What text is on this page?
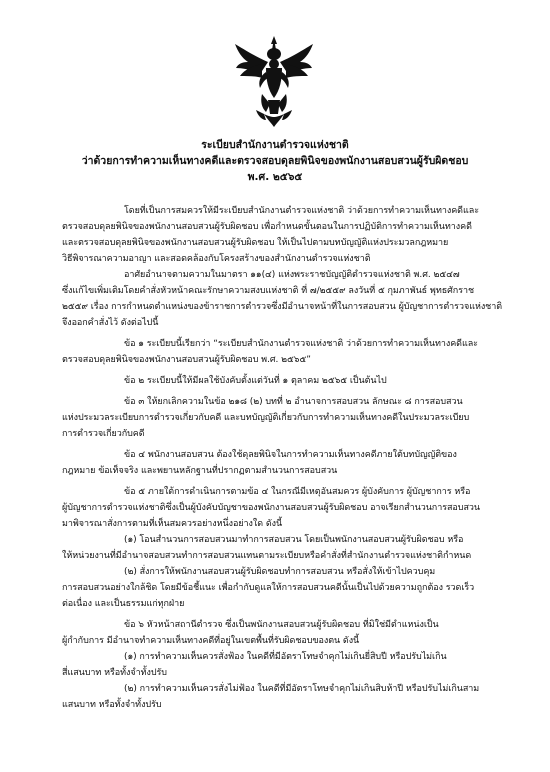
ระเบียบสำนักงานตำรวจแห่งชาติ
ว่าด้วยการทำความเห็นทางคดีและตรวจสอบดุลยพินิจของพนักงานสอบสวนผู้รับผิดชอบ
พ.ศ. ๒๕๖๕
โดยที่เป็นการสมควรให้มีระเบียบสำนักงานตำรวจแห่งชาติ ว่าด้วยการทำความเห็นทางคดีและ
ตรวจสอบดุลยพินิจของพนักงานสอบสวนผู้รับผิดชอบ เพื่อกำหนดขั้นตอนในการปฏิบัติการทำความเห็นทางคดี
และตรวจสอบดุลยพินิจของพนักงานสอบสวนผู้รับผิดชอบ ให้เป็นไปตามบทบัญญัติแห่งประมวลกฎหมาย
วิธีพิจารณาความอาญา และสอดคล้องกับโครงสร้างของสำนักงานตำรวจแห่งชาติ
อาศัยอำนาจตามความในมาตรา ๑๑(๔) แห่งพระราชบัญญัติตำรวจแห่งชาติ พ.ศ. ๒๕๔๗
ซึ่งแก้ไขเพิ่มเติมโดยคำสั่งหัวหน้าคณะรักษาความสงบแห่งชาติ ที่ ๗/๒๕๕๙ ลงวันที่ ๕ กุมภาพันธ์ พุทธศักราช
๒๕๕๙ เรื่อง การกำหนดตำแหน่งของข้าราชการตำรวจซึ่งมีอำนาจหน้าที่ในการสอบสวน ผู้บัญชาการตำรวจแห่งชาติ
จึงออกคำสั่งไว้ ดังต่อไปนี้
ข้อ ๑ ระเบียบนี้เรียกว่า “ระเบียบสำนักงานตำรวจแห่งชาติ ว่าด้วยการทำความเห็นทางคดีและ
ตรวจสอบดุลยพินิจของพนักงานสอบสวนผู้รับผิดชอบ พ.ศ. ๒๕๖๕”
ข้อ ๒ ระเบียบนี้ให้มีผลใช้บังคับตั้งแต่วันที่ ๑ ตุลาคม ๒๕๖๕ เป็นต้นไป
ข้อ ๓ ให้ยกเลิกความในข้อ ๒๑๘ (๒) บทที่ ๒ อำนาจการสอบสวน ลักษณะ ๘ การสอบสวน
แห่งประมวลระเบียบการตำรวจเกี่ยวกับคดี และบทบัญญัติเกี่ยวกับการทำความเห็นทางคดีในประมวลระเบียบ
การตำรวจเกี่ยวกับคดี
ข้อ ๔ พนักงานสอบสวน ต้องใช้ดุลยพินิจในการทำความเห็นทางคดีภายใต้บทบัญญัติของ
กฎหมาย ข้อเท็จจริง และพยานหลักฐานที่ปรากฏตามสำนวนการสอบสวน
ข้อ ๕ ภายใต้การดำเนินการตามข้อ ๔ ในกรณีมีเหตุอันสมควร ผู้บังคับการ ผู้บัญชาการ หรือ
ผู้บัญชาการตำรวจแห่งชาติซึ่งเป็นผู้บังคับบัญชาของพนักงานสอบสวนผู้รับผิดชอบ อาจเรียกสำนวนการสอบสวน
มาพิจารณาสั่งการตามที่เห็นสมควรอย่างหนึ่งอย่างใด ดังนี้
(๑) โอนสำนวนการสอบสวนมาทำการสอบสวน โดยเป็นพนักงานสอบสวนผู้รับผิดชอบ หรือ
ให้หน่วยงานที่มีอำนาจสอบสวนทำการสอบสวนแทนตามระเบียบหรือคำสั่งที่สำนักงานตำรวจแห่งชาติกำหนด
(๒) สั่งการให้พนักงานสอบสวนผู้รับผิดชอบทำการสอบสวน หรือสั่งให้เข้าไปควบคุม
การสอบสวนอย่างใกล้ชิด โดยมีข้อชี้แนะ เพื่อกำกับดูแลให้การสอบสวนคดีนั้นเป็นไปด้วยความถูกต้อง รวดเร็ว
ต่อเนื่อง และเป็นธรรมแก่ทุกฝ่าย
ข้อ ๖ หัวหน้าสถานีตำรวจ ซึ่งเป็นพนักงานสอบสวนผู้รับผิดชอบ ที่มิใช่มีตำแหน่งเป็น
ผู้กำกับการ มีอำนาจทำความเห็นทางคดีที่อยู่ในเขตพื้นที่รับผิดชอบของตน ดังนี้
(๑) การทำความเห็นควรสั่งฟ้อง ในคดีที่มีอัตราโทษจำคุกไม่เกินยี่สิบปี หรือปรับไม่เกิน
สี่แสนบาท หรือทั้งจำทั้งปรับ
(๒) การทำความเห็นควรสั่งไม่ฟ้อง ในคดีที่มีอัตราโทษจำคุกไม่เกินสิบห้าปี หรือปรับไม่เกินสาม
แสนบาท หรือทั้งจำทั้งปรับ
